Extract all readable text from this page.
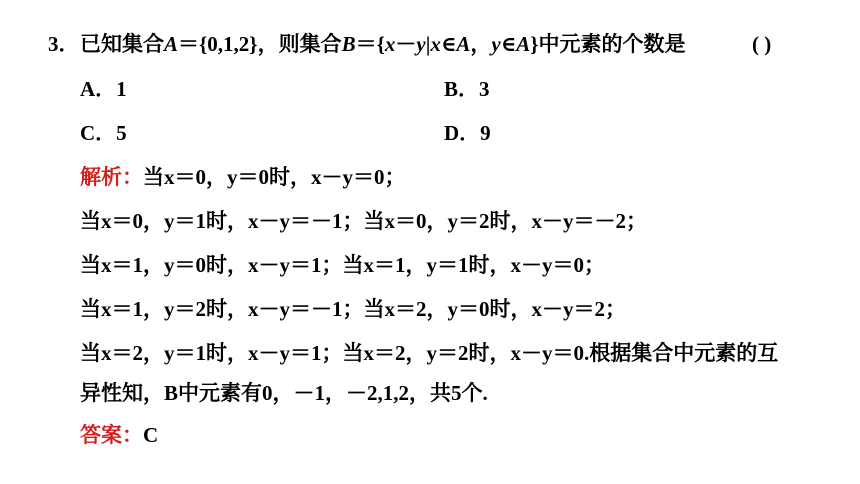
3． 已知集合A＝{0,1,2}，则集合B＝{x－y|x∈A，y∈A}中元素的个数是	( )
A．1	B．3
C．5	D．9
解析：当x＝0，y＝0时，x－y＝0；
当x＝0，y＝1时，x－y＝－1；当x＝0，y＝2时，x－y＝－2；
当x＝1，y＝0时，x－y＝1；当x＝1，y＝1时，x－y＝0；
当x＝1，y＝2时，x－y＝－1；当x＝2，y＝0时，x－y＝2；
当x＝2，y＝1时，x－y＝1；当x＝2，y＝2时，x－y＝0.根据集合中元素的互
异性知，B中元素有0，－1，－2,1,2，共5个.
答案：C
